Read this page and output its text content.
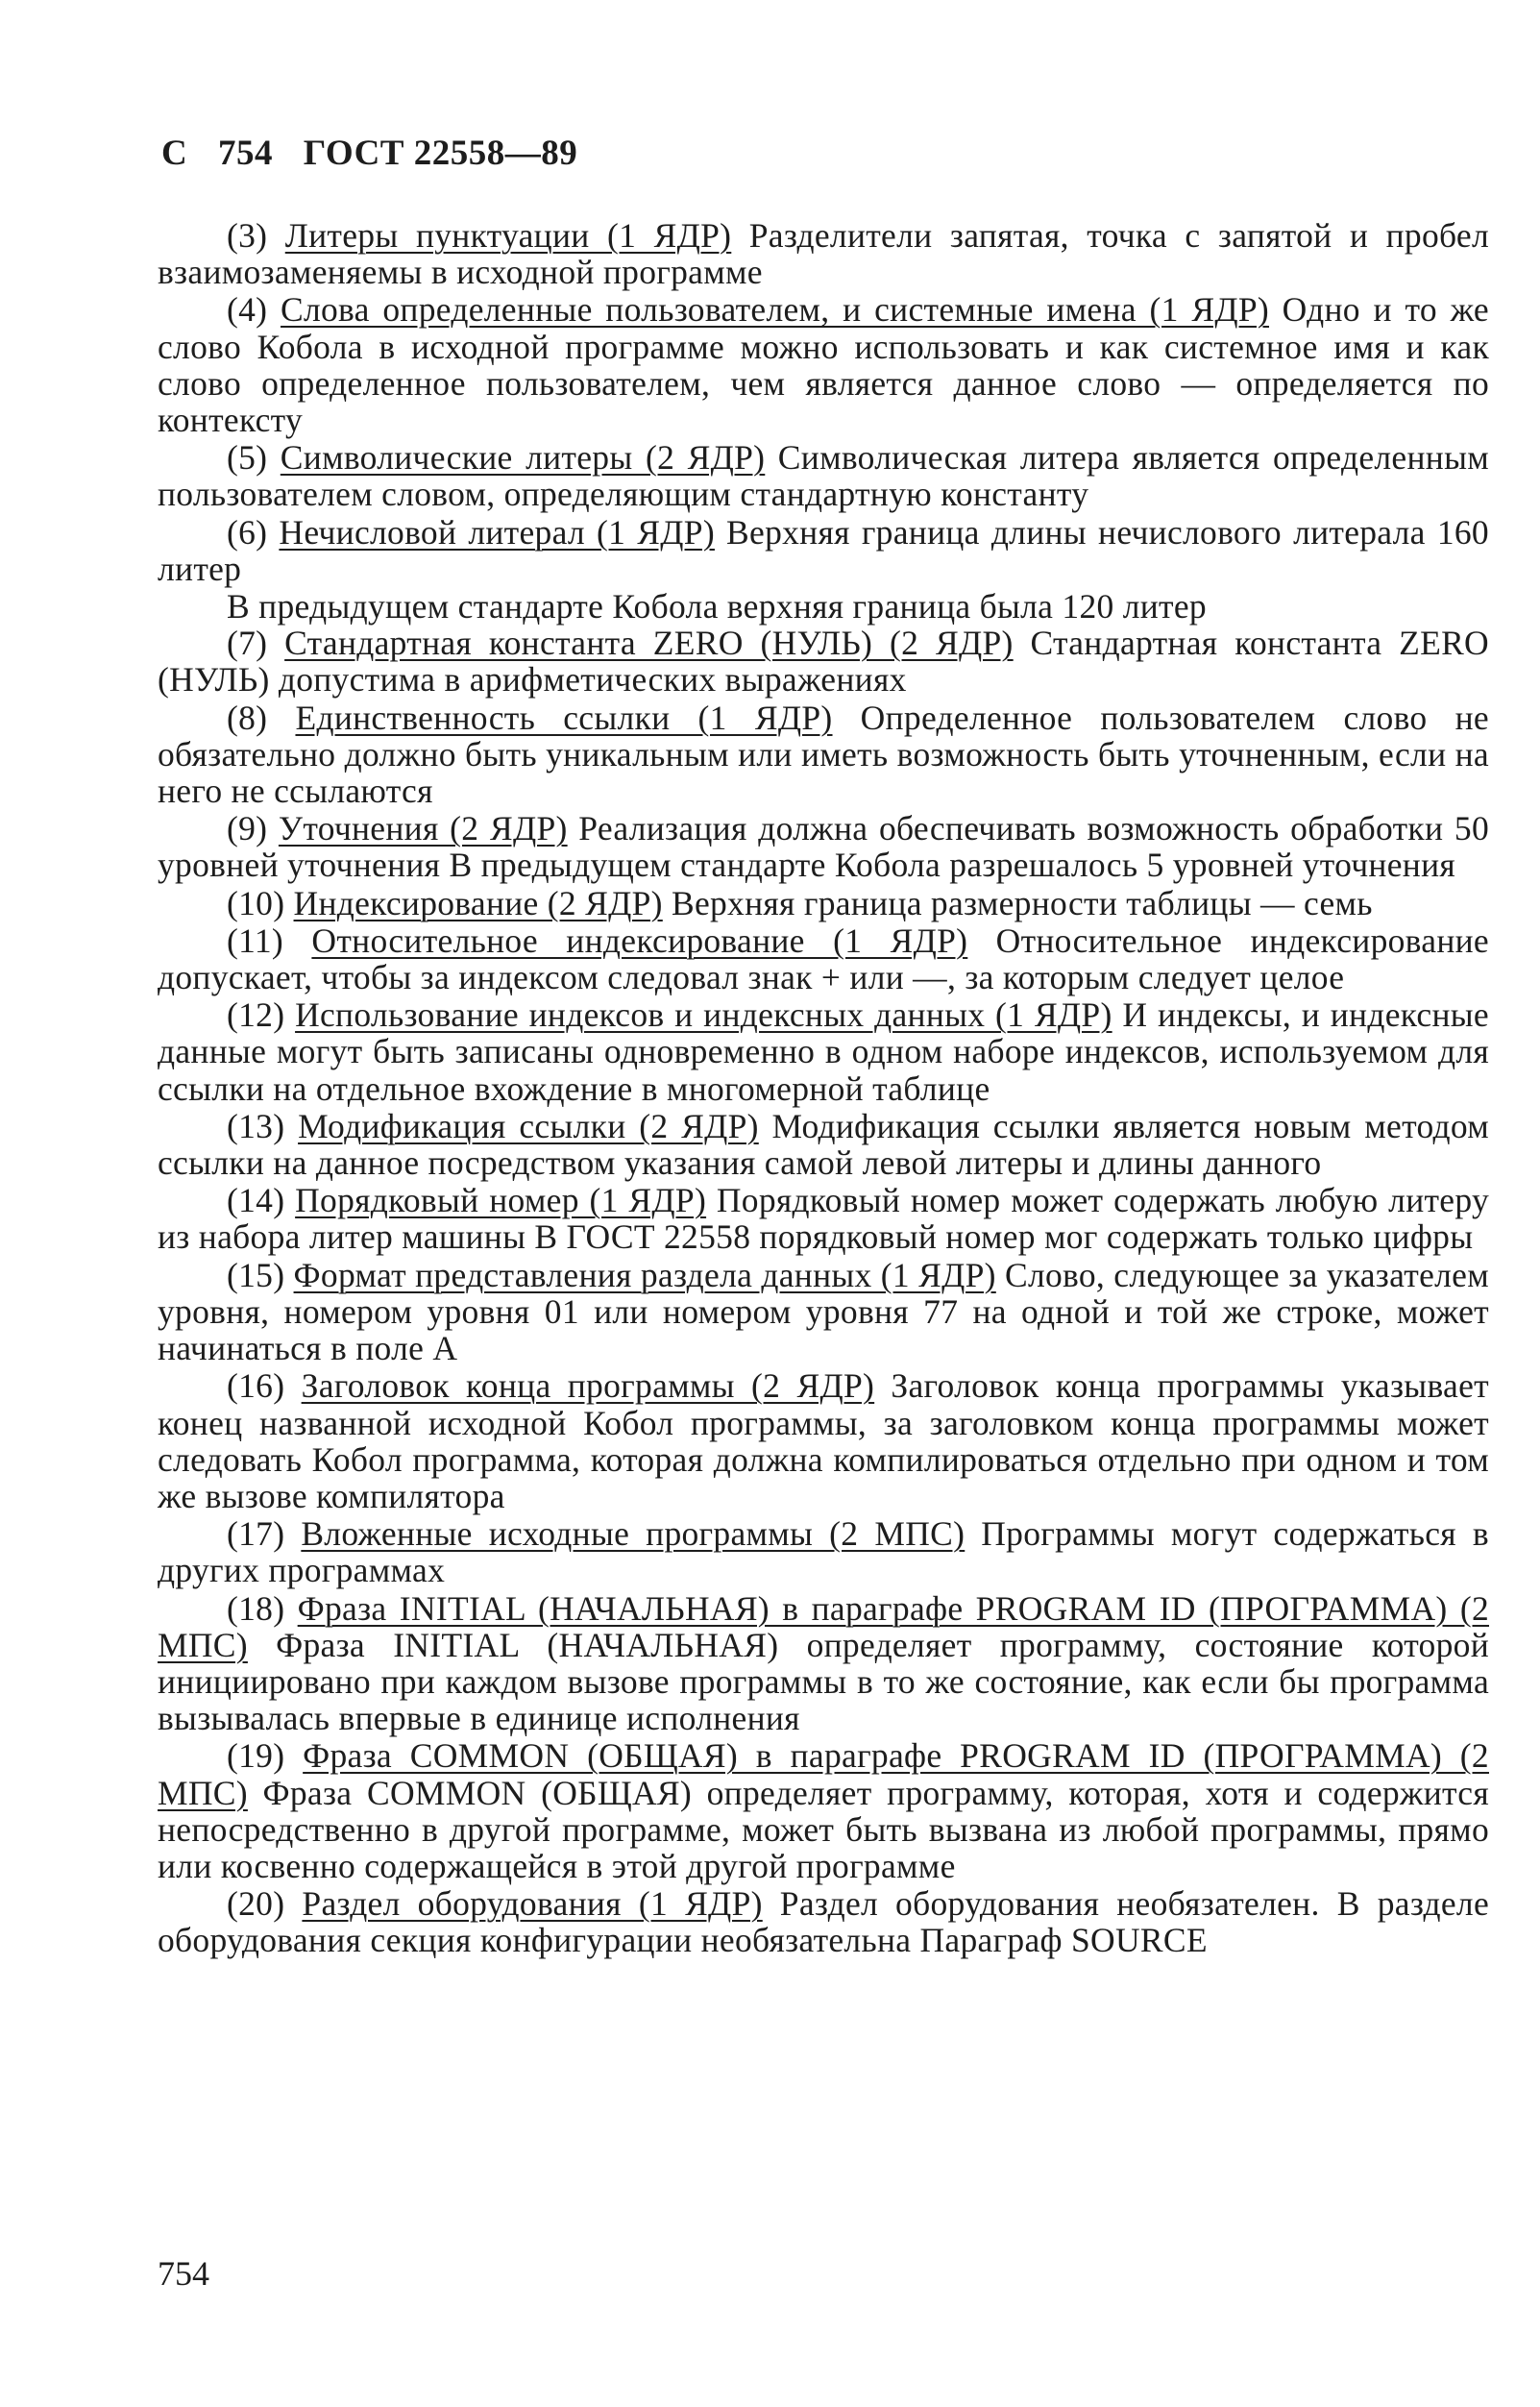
С 754 ГОСТ 22558—89

(3) Литеры пунктуации (1 ЯДР) Разделители запятая, точка с запятой и пробел взаимозаменяемы в исходной программе

(4) Слова определенные пользователем, и системные имена (1 ЯДР) Одно и то же слово Кобола в исходной программе можно использовать и как системное имя и как слово определенное пользователем, чем является данное слово — определяется по контексту

(5) Символические литеры (2 ЯДР) Символическая литера является определенным пользователем словом, определяющим стандартную константу

(6) Нечисловой литерал (1 ЯДР) Верхняя граница длины нечислового литерала 160 литер

В предыдущем стандарте Кобола верхняя граница была 120 литер

(7) Стандартная константа ZERO (НУЛЬ) (2 ЯДР) Стандартная константа ZERO (НУЛЬ) допустима в арифметических выражениях

(8) Единственность ссылки (1 ЯДР) Определенное пользователем слово не обязательно должно быть уникальным или иметь возможность быть уточненным, если на него не ссылаются

(9) Уточнения (2 ЯДР) Реализация должна обеспечивать возможность обработки 50 уровней уточнения В предыдущем стандарте Кобола разрешалось 5 уровней уточнения

(10) Индексирование (2 ЯДР) Верхняя граница размерности таблицы — семь

(11) Относительное индексирование (1 ЯДР) Относительное индексирование допускает, чтобы за индексом следовал знак + или —, за которым следует целое

(12) Использование индексов и индексных данных (1 ЯДР) И индексы, и индексные данные могут быть записаны одновременно в одном наборе индексов, используемом для ссылки на отдельное вхождение в многомерной таблице

(13) Модификация ссылки (2 ЯДР) Модификация ссылки является новым методом ссылки на данное посредством указания самой левой литеры и длины данного

(14) Порядковый номер (1 ЯДР) Порядковый номер может содержать любую литеру из набора литер машины В ГОСТ 22558 порядковый номер мог содержать только цифры

(15) Формат представления раздела данных (1 ЯДР) Слово, следующее за указателем уровня, номером уровня 01 или номером уровня 77 на одной и той же строке, может начинаться в поле А

(16) Заголовок конца программы (2 ЯДР) Заголовок конца программы указывает конец названной исходной Кобол программы, за заголовком конца программы может следовать Кобол программа, которая должна компилироваться отдельно при одном и том же вызове компилятора

(17) Вложенные исходные программы (2 МПС) Программы могут содержаться в других программах

(18) Фраза INITIAL (НАЧАЛЬНАЯ) в параграфе PROGRAM ID (ПРОГРАММА) (2 МПС) Фраза INITIAL (НАЧАЛЬНАЯ) определяет программу, состояние которой инициировано при каждом вызове программы в то же состояние, как если бы программа вызывалась впервые в единице исполнения

(19) Фраза COMMON (ОБЩАЯ) в параграфе PROGRAM ID (ПРОГРАММА) (2 МПС) Фраза COMMON (ОБЩАЯ) определяет программу, которая, хотя и содержится непосредственно в другой программе, может быть вызвана из любой программы, прямо или косвенно содержащейся в этой другой программе

(20) Раздел оборудования (1 ЯДР) Раздел оборудования необязателен. В разделе оборудования секция конфигурации необязательна Параграф SOURCE

754
